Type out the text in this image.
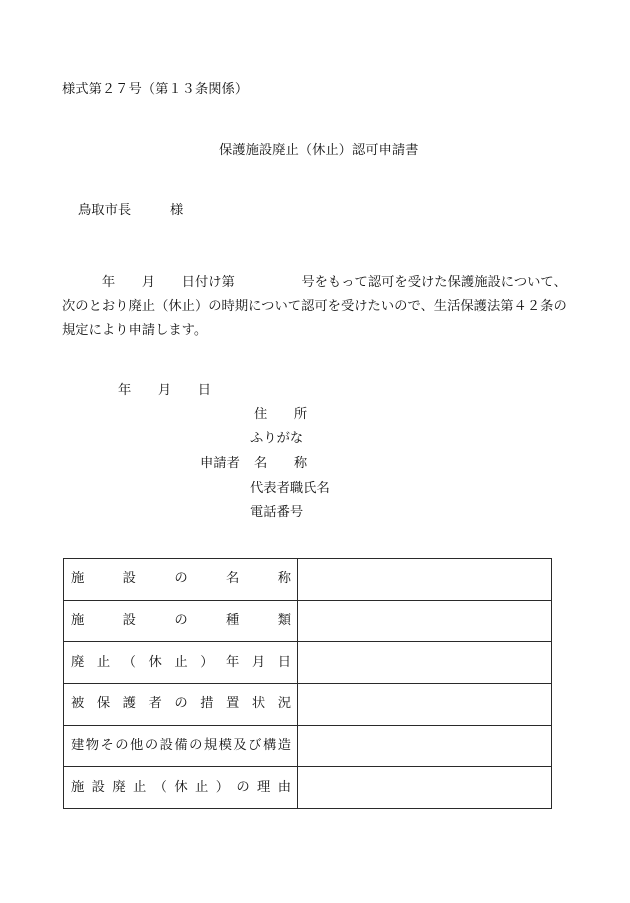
様式第２７号（第１３条関係）
保護施設廃止（休止）認可申請書
鳥取市長	様
　　　年　　月　　日付け第　　　　　号をもって認可を受けた保護施設について、
次のとおり廃止（休止）の時期について認可を受けたいので、生活保護法第４２条の
規定により申請します。
年　　月　　日
住　　所
ふりがな
申請者 名　　称
代表者職氏名
電話番号
施設の名称	
施設の種類	
廃止（休止）年月日	
被保護者の措置状況	
建物その他の設備の規模及び構造	
施設廃止（休止）の理由	
